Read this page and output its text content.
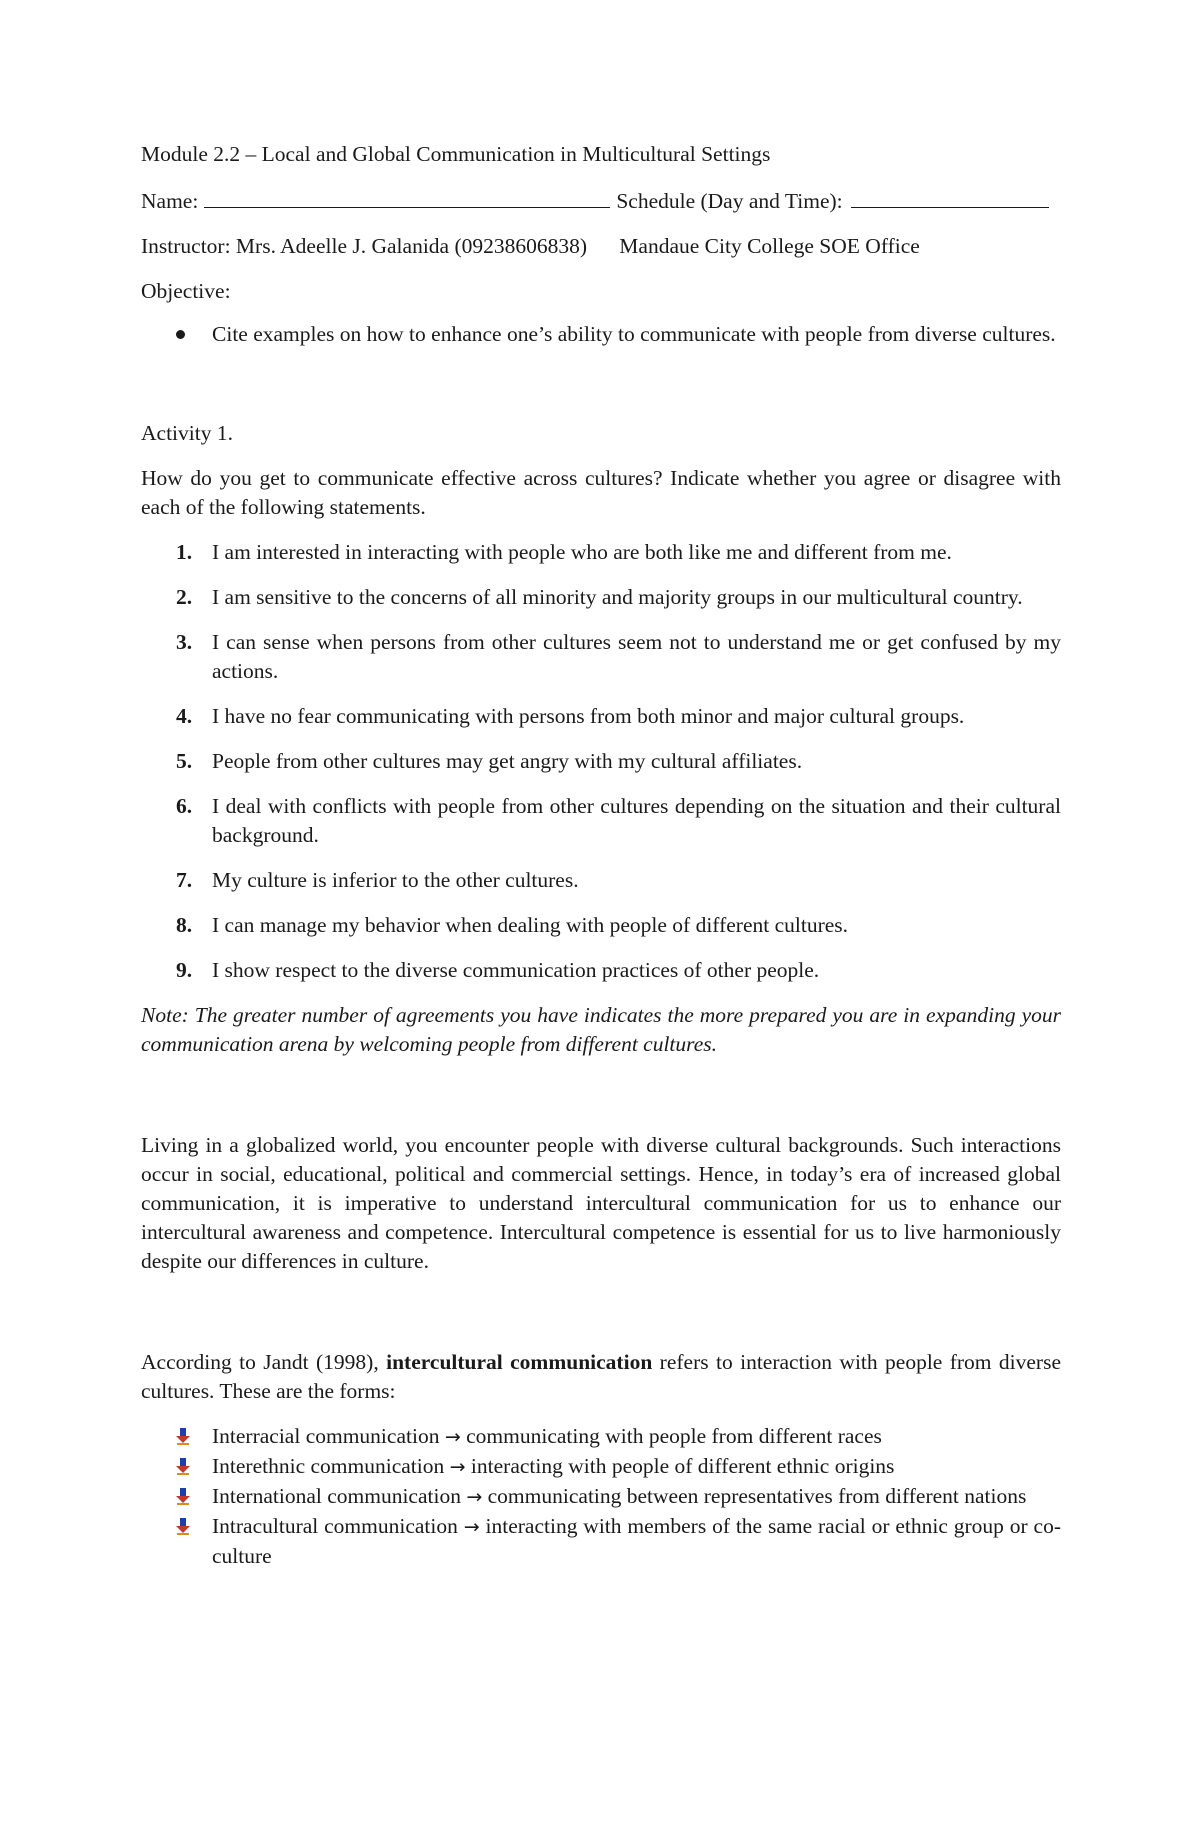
Module 2.2 – Local and Global Communication in Multicultural Settings

Name:	Schedule (Day and Time):

Instructor: Mrs. Adeelle J. Galanida (09238606838)      Mandaue City College SOE Office

Objective:

Cite examples on how to enhance one’s ability to communicate with people from diverse cultures.

Activity 1.

How do you get to communicate effective across cultures? Indicate whether you agree or disagree with each of the following statements.

1. I am interested in interacting with people who are both like me and different from me.
2. I am sensitive to the concerns of all minority and majority groups in our multicultural country.
3. I can sense when persons from other cultures seem not to understand me or get confused by my actions.
4. I have no fear communicating with persons from both minor and major cultural groups.
5. People from other cultures may get angry with my cultural affiliates.
6. I deal with conflicts with people from other cultures depending on the situation and their cultural background.
7. My culture is inferior to the other cultures.
8. I can manage my behavior when dealing with people of different cultures.
9. I show respect to the diverse communication practices of other people.

Note: The greater number of agreements you have indicates the more prepared you are in expanding your communication arena by welcoming people from different cultures.

Living in a globalized world, you encounter people with diverse cultural backgrounds. Such interactions occur in social, educational, political and commercial settings. Hence, in today’s era of increased global communication, it is imperative to understand intercultural communication for us to enhance our intercultural awareness and competence. Intercultural competence is essential for us to live harmoniously despite our differences in culture.

According to Jandt (1998), intercultural communication refers to interaction with people from diverse cultures. These are the forms:

Interracial communication → communicating with people from different races
Interethnic communication → interacting with people of different ethnic origins
International communication → communicating between representatives from different nations
Intracultural communication → interacting with members of the same racial or ethnic group or co-culture
